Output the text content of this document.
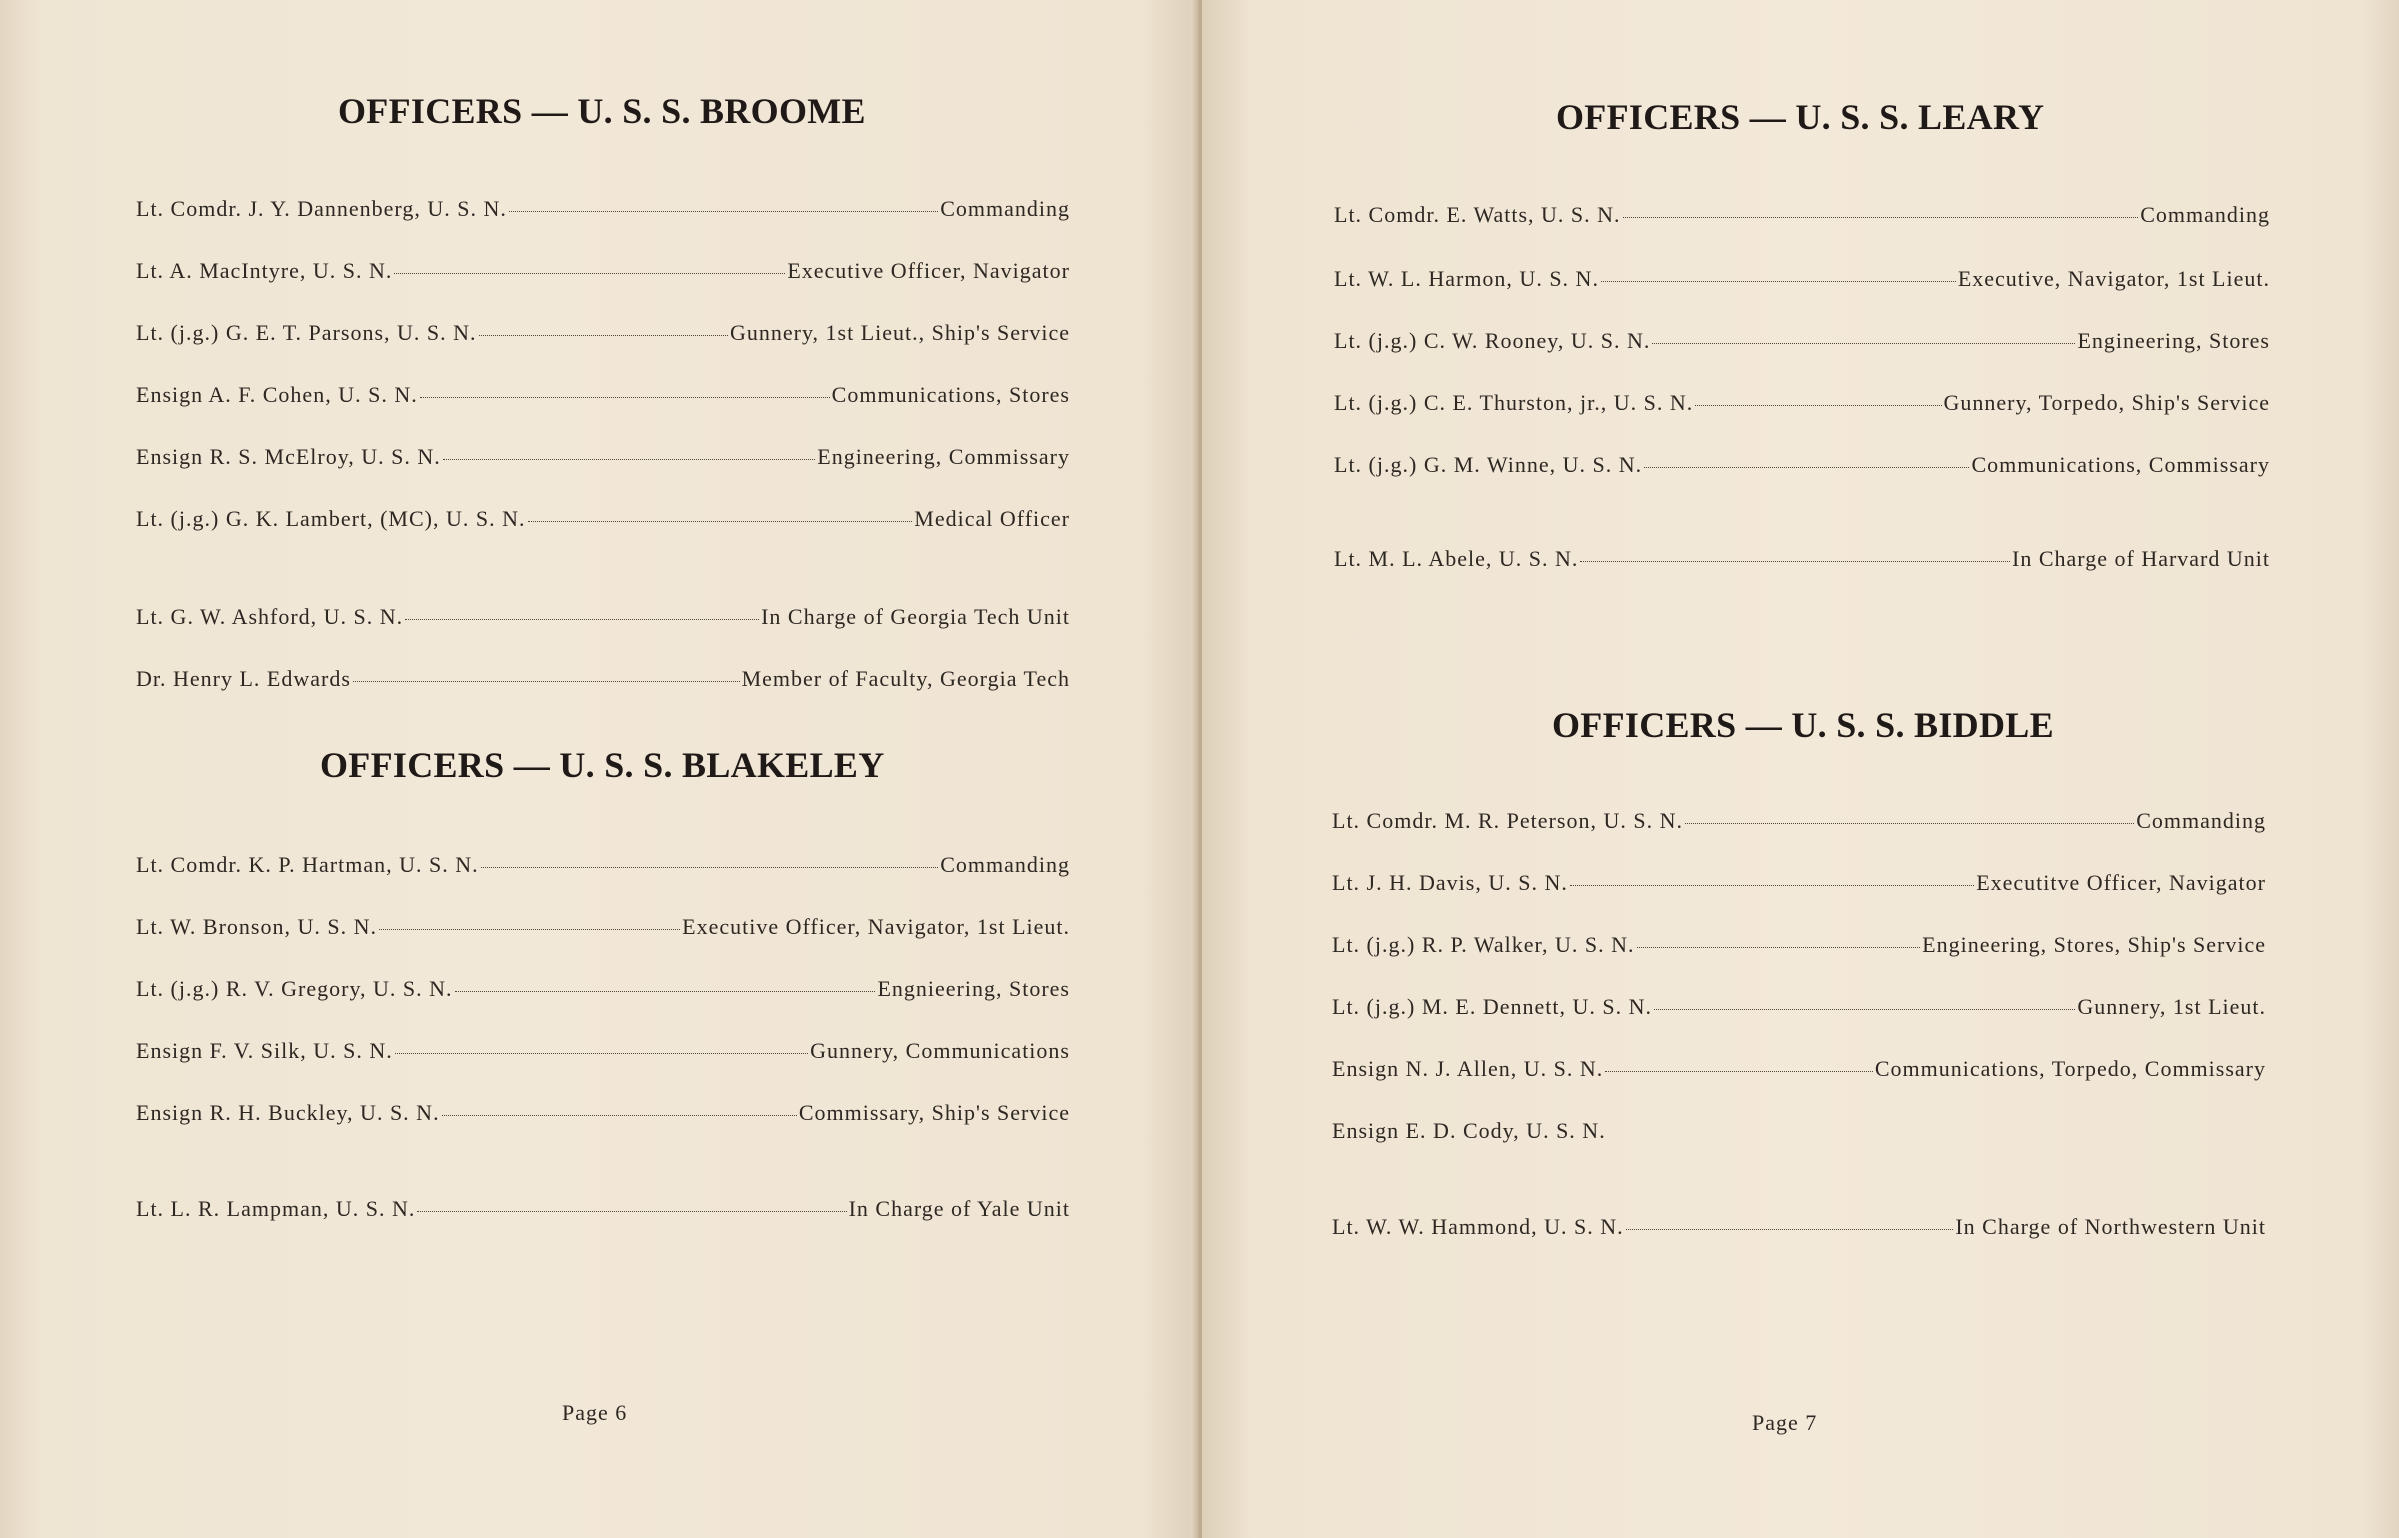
OFFICERS — U. S. S. BROOME
Lt. Comdr. J. Y. Dannenberg, U. S. N.	Commanding
Lt. A. MacIntyre, U. S. N.	Executive Officer, Navigator
Lt. (j.g.) G. E. T. Parsons, U. S. N.	Gunnery, 1st Lieut., Ship's Service
Ensign A. F. Cohen, U. S. N.	Communications, Stores
Ensign R. S. McElroy, U. S. N.	Engineering, Commissary
Lt. (j.g.) G. K. Lambert, (MC), U. S. N.	Medical Officer
Lt. G. W. Ashford, U. S. N.	In Charge of Georgia Tech Unit
Dr. Henry L. Edwards	Member of Faculty, Georgia Tech
OFFICERS — U. S. S. BLAKELEY
Lt. Comdr. K. P. Hartman, U. S. N.	Commanding
Lt. W. Bronson, U. S. N.	Executive Officer, Navigator, 1st Lieut.
Lt. (j.g.) R. V. Gregory, U. S. N.	Engnieering, Stores
Ensign F. V. Silk, U. S. N.	Gunnery, Communications
Ensign R. H. Buckley, U. S. N.	Commissary, Ship's Service
Lt. L. R. Lampman, U. S. N.	In Charge of Yale Unit
Page 6
OFFICERS — U. S. S. LEARY
Lt. Comdr. E. Watts, U. S. N.	Commanding
Lt. W. L. Harmon, U. S. N.	Executive, Navigator, 1st Lieut.
Lt. (j.g.) C. W. Rooney, U. S. N.	Engineering, Stores
Lt. (j.g.) C. E. Thurston, jr., U. S. N.	Gunnery, Torpedo, Ship's Service
Lt. (j.g.) G. M. Winne, U. S. N.	Communications, Commissary
Lt. M. L. Abele, U. S. N.	In Charge of Harvard Unit
OFFICERS — U. S. S. BIDDLE
Lt. Comdr. M. R. Peterson, U. S. N.	Commanding
Lt. J. H. Davis, U. S. N.	Executitve Officer, Navigator
Lt. (j.g.) R. P. Walker, U. S. N.	Engineering, Stores, Ship's Service
Lt. (j.g.) M. E. Dennett, U. S. N.	Gunnery, 1st Lieut.
Ensign N. J. Allen, U. S. N.	Communications, Torpedo, Commissary
Ensign E. D. Cody, U. S. N.
Lt. W. W. Hammond, U. S. N.	In Charge of Northwestern Unit
Page 7
